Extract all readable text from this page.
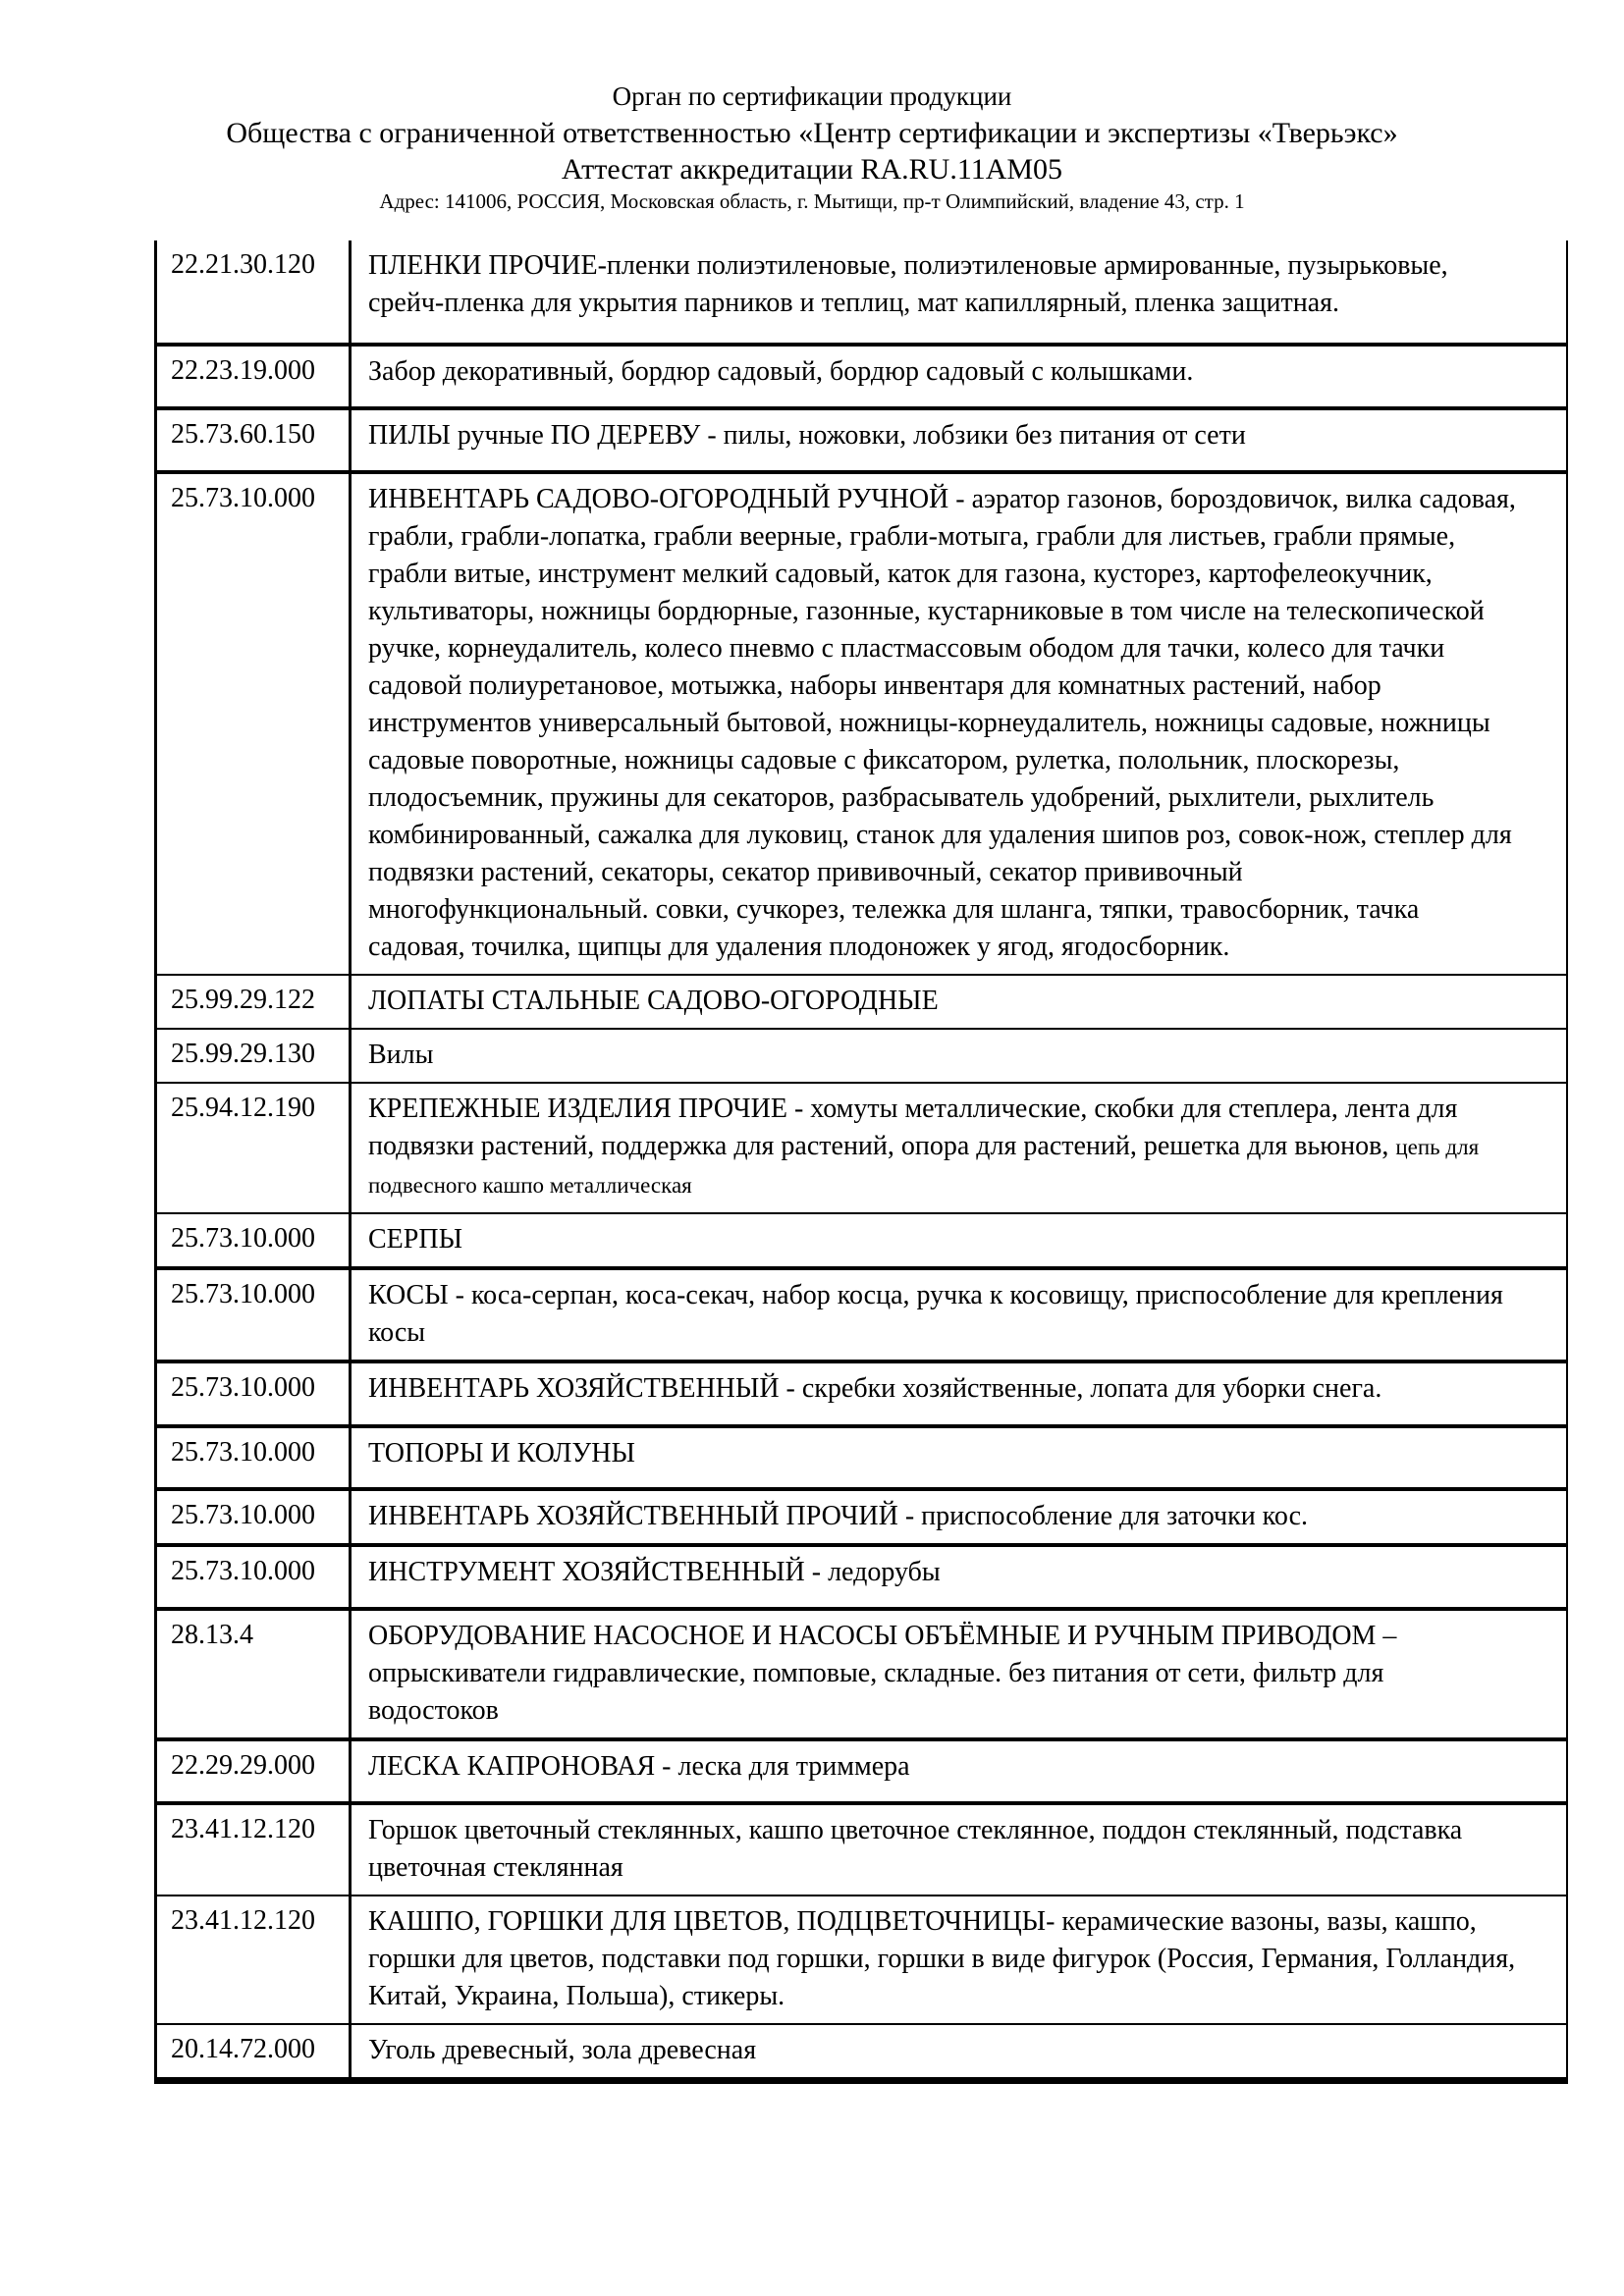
Орган по сертификации продукции
Общества с ограниченной ответственностью «Центр сертификации и экспертизы «Тверьэкс»
Аттестат аккредитации RA.RU.11АМ05
Адрес: 141006, РОССИЯ, Московская область, г. Мытищи, пр-т Олимпийский, владение 43, стр. 1
22.21.30.120	ПЛЕНКИ ПРОЧИЕ-пленки полиэтиленовые, полиэтиленовые армированные, пузырьковые, срейч-пленка для укрытия парников и теплиц, мат капиллярный, пленка защитная.
22.23.19.000	Забор декоративный, бордюр садовый, бордюр садовый с колышками.
25.73.60.150	ПИЛЫ ручные ПО ДЕРЕВУ - пилы, ножовки, лобзики без питания от сети
25.73.10.000	ИНВЕНТАРЬ САДОВО-ОГОРОДНЫЙ РУЧНОЙ - аэратор газонов, бороздовичок, вилка садовая, грабли, грабли-лопатка, грабли веерные, грабли-мотыга, грабли для листьев, грабли прямые, грабли витые, инструмент мелкий садовый, каток для газона, кусторез, картофелеокучник, культиваторы, ножницы бордюрные, газонные, кустарниковые в том числе на телескопической ручке, корнеудалитель, колесо пневмо с пластмассовым ободом для тачки, колесо для тачки садовой полиуретановое, мотыжка, наборы инвентаря для комнатных растений, набор инструментов универсальный бытовой, ножницы-корнеудалитель, ножницы садовые, ножницы садовые поворотные, ножницы садовые с фиксатором, рулетка, полольник, плоскорезы, плодосъемник, пружины для секаторов, разбрасыватель удобрений, рыхлители, рыхлитель комбинированный, сажалка для луковиц, станок для удаления шипов роз, совок-нож, степлер для подвязки растений, секаторы, секатор прививочный, секатор прививочный многофункциональный. совки, сучкорез, тележка для шланга, тяпки, травосборник, тачка садовая, точилка, щипцы для удаления плодоножек у ягод, ягодосборник.
25.99.29.122	ЛОПАТЫ СТАЛЬНЫЕ САДОВО-ОГОРОДНЫЕ
25.99.29.130	Вилы
25.94.12.190	КРЕПЕЖНЫЕ ИЗДЕЛИЯ ПРОЧИЕ - хомуты металлические, скобки для степлера, лента для подвязки растений, поддержка для растений, опора для растений, решетка для вьюнов, цепь для подвесного кашпо металлическая
25.73.10.000	СЕРПЫ
25.73.10.000	КОСЫ - коса-серпан, коса-секач, набор косца, ручка к косовищу, приспособление для крепления косы
25.73.10.000	ИНВЕНТАРЬ ХОЗЯЙСТВЕННЫЙ - скребки хозяйственные, лопата для уборки снега.
25.73.10.000	ТОПОРЫ И КОЛУНЫ
25.73.10.000	ИНВЕНТАРЬ ХОЗЯЙСТВЕННЫЙ ПРОЧИЙ - приспособление для заточки кос.
25.73.10.000	ИНСТРУМЕНТ ХОЗЯЙСТВЕННЫЙ - ледорубы
28.13.4	ОБОРУДОВАНИЕ НАСОСНОЕ И НАСОСЫ ОБЪЁМНЫЕ И РУЧНЫМ ПРИВОДОМ – опрыскиватели гидравлические, помповые, складные. без питания от сети, фильтр для водостоков
22.29.29.000	ЛЕСКА КАПРОНОВАЯ - леска для триммера
23.41.12.120	Горшок цветочный стеклянных, кашпо цветочное стеклянное, поддон стеклянный, подставка цветочная стеклянная
23.41.12.120	КАШПО, ГОРШКИ ДЛЯ ЦВЕТОВ, ПОДЦВЕТОЧНИЦЫ- керамические вазоны, вазы, кашпо, горшки для цветов, подставки под горшки, горшки в виде фигурок (Россия, Германия, Голландия, Китай, Украина, Польша), стикеры.
20.14.72.000	Уголь древесный, зола древесная
